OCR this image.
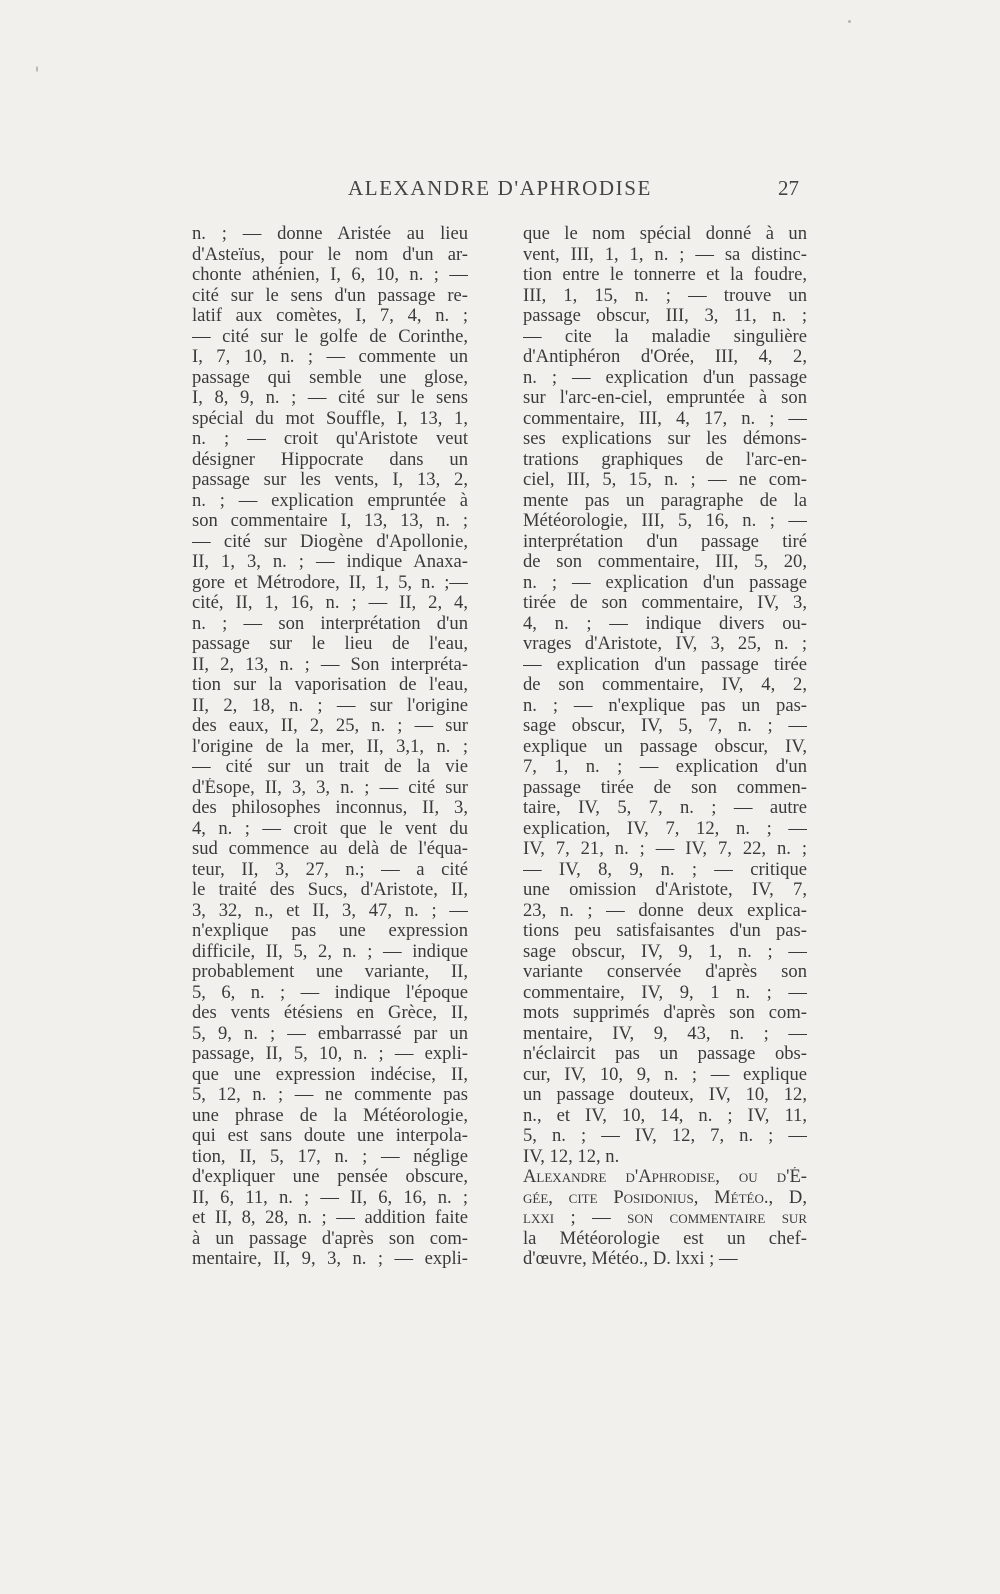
ALEXANDRE D'APHRODISE	27
n. ; — donne Aristée au lieu
d'Asteïus, pour le nom d'un ar-
chonte athénien, I, 6, 10, n. ; —
cité sur le sens d'un passage re-
latif aux comètes, I, 7, 4, n. ;
— cité sur le golfe de Corinthe,
I, 7, 10, n. ; — commente un
passage qui semble une glose,
I, 8, 9, n. ; — cité sur le sens
spécial du mot Souffle, I, 13, 1,
n. ; — croit qu'Aristote veut
désigner Hippocrate dans un
passage sur les vents, I, 13, 2,
n. ; — explication empruntée à
son commentaire I, 13, 13, n. ;
— cité sur Diogène d'Apollonie,
II, 1, 3, n. ; — indique Anaxa-
gore et Métrodore, II, 1, 5, n. ;—
cité, II, 1, 16, n. ; — II, 2, 4,
n. ; — son interprétation d'un
passage sur le lieu de l'eau,
II, 2, 13, n. ; — Son interpréta-
tion sur la vaporisation de l'eau,
II, 2, 18, n. ; — sur l'origine
des eaux, II, 2, 25, n. ; — sur
l'origine de la mer, II, 3,1, n. ;
— cité sur un trait de la vie
d'Ésope, II, 3, 3, n. ; — cité sur
des philosophes inconnus, II, 3,
4, n. ; — croit que le vent du
sud commence au delà de l'équa-
teur, II, 3, 27, n.; — a cité
le traité des Sucs, d'Aristote, II,
3, 32, n., et II, 3, 47, n. ; —
n'explique pas une expression
difficile, II, 5, 2, n. ; — indique
probablement une variante, II,
5, 6, n. ; — indique l'époque
des vents étésiens en Grèce, II,
5, 9, n. ; — embarrassé par un
passage, II, 5, 10, n. ; — expli-
que une expression indécise, II,
5, 12, n. ; — ne commente pas
une phrase de la Météorologie,
qui est sans doute une interpola-
tion, II, 5, 17, n. ; — néglige
d'expliquer une pensée obscure,
II, 6, 11, n. ; — II, 6, 16, n. ;
et II, 8, 28, n. ; — addition faite
à un passage d'après son com-
mentaire, II, 9, 3, n. ; — expli-
que le nom spécial donné à un
vent, III, 1, 1, n. ; — sa distinc-
tion entre le tonnerre et la foudre,
III, 1, 15, n. ; — trouve un
passage obscur, III, 3, 11, n. ;
— cite la maladie singulière
d'Antiphéron d'Orée, III, 4, 2,
n. ; — explication d'un passage
sur l'arc-en-ciel, empruntée à son
commentaire, III, 4, 17, n. ; —
ses explications sur les démons-
trations graphiques de l'arc-en-
ciel, III, 5, 15, n. ; — ne com-
mente pas un paragraphe de la
Météorologie, III, 5, 16, n. ; —
interprétation d'un passage tiré
de son commentaire, III, 5, 20,
n. ; — explication d'un passage
tirée de son commentaire, IV, 3,
4, n. ; — indique divers ou-
vrages d'Aristote, IV, 3, 25, n. ;
— explication d'un passage tirée
de son commentaire, IV, 4, 2,
n. ; — n'explique pas un pas-
sage obscur, IV, 5, 7, n. ; —
explique un passage obscur, IV,
7, 1, n. ; — explication d'un
passage tirée de son commen-
taire, IV, 5, 7, n. ; — autre
explication, IV, 7, 12, n. ; —
IV, 7, 21, n. ; — IV, 7, 22, n. ;
— IV, 8, 9, n. ; — critique
une omission d'Aristote, IV, 7,
23, n. ; — donne deux explica-
tions peu satisfaisantes d'un pas-
sage obscur, IV, 9, 1, n. ; —
variante conservée d'après son
commentaire, IV, 9, 1 n. ; —
mots supprimés d'après son com-
mentaire, IV, 9, 43, n. ; —
n'éclaircit pas un passage obs-
cur, IV, 10, 9, n. ; — explique
un passage douteux, IV, 10, 12,
n., et IV, 10, 14, n. ; IV, 11,
5, n. ; — IV, 12, 7, n. ; —
IV, 12, 12, n.
Alexandre d'Aphrodise, ou d'É-
gée, cite Posidonius, Météo., D,
lxxi ; — son commentaire sur
la Météorologie est un chef-
d'œuvre, Météo., D. lxxi ; —
